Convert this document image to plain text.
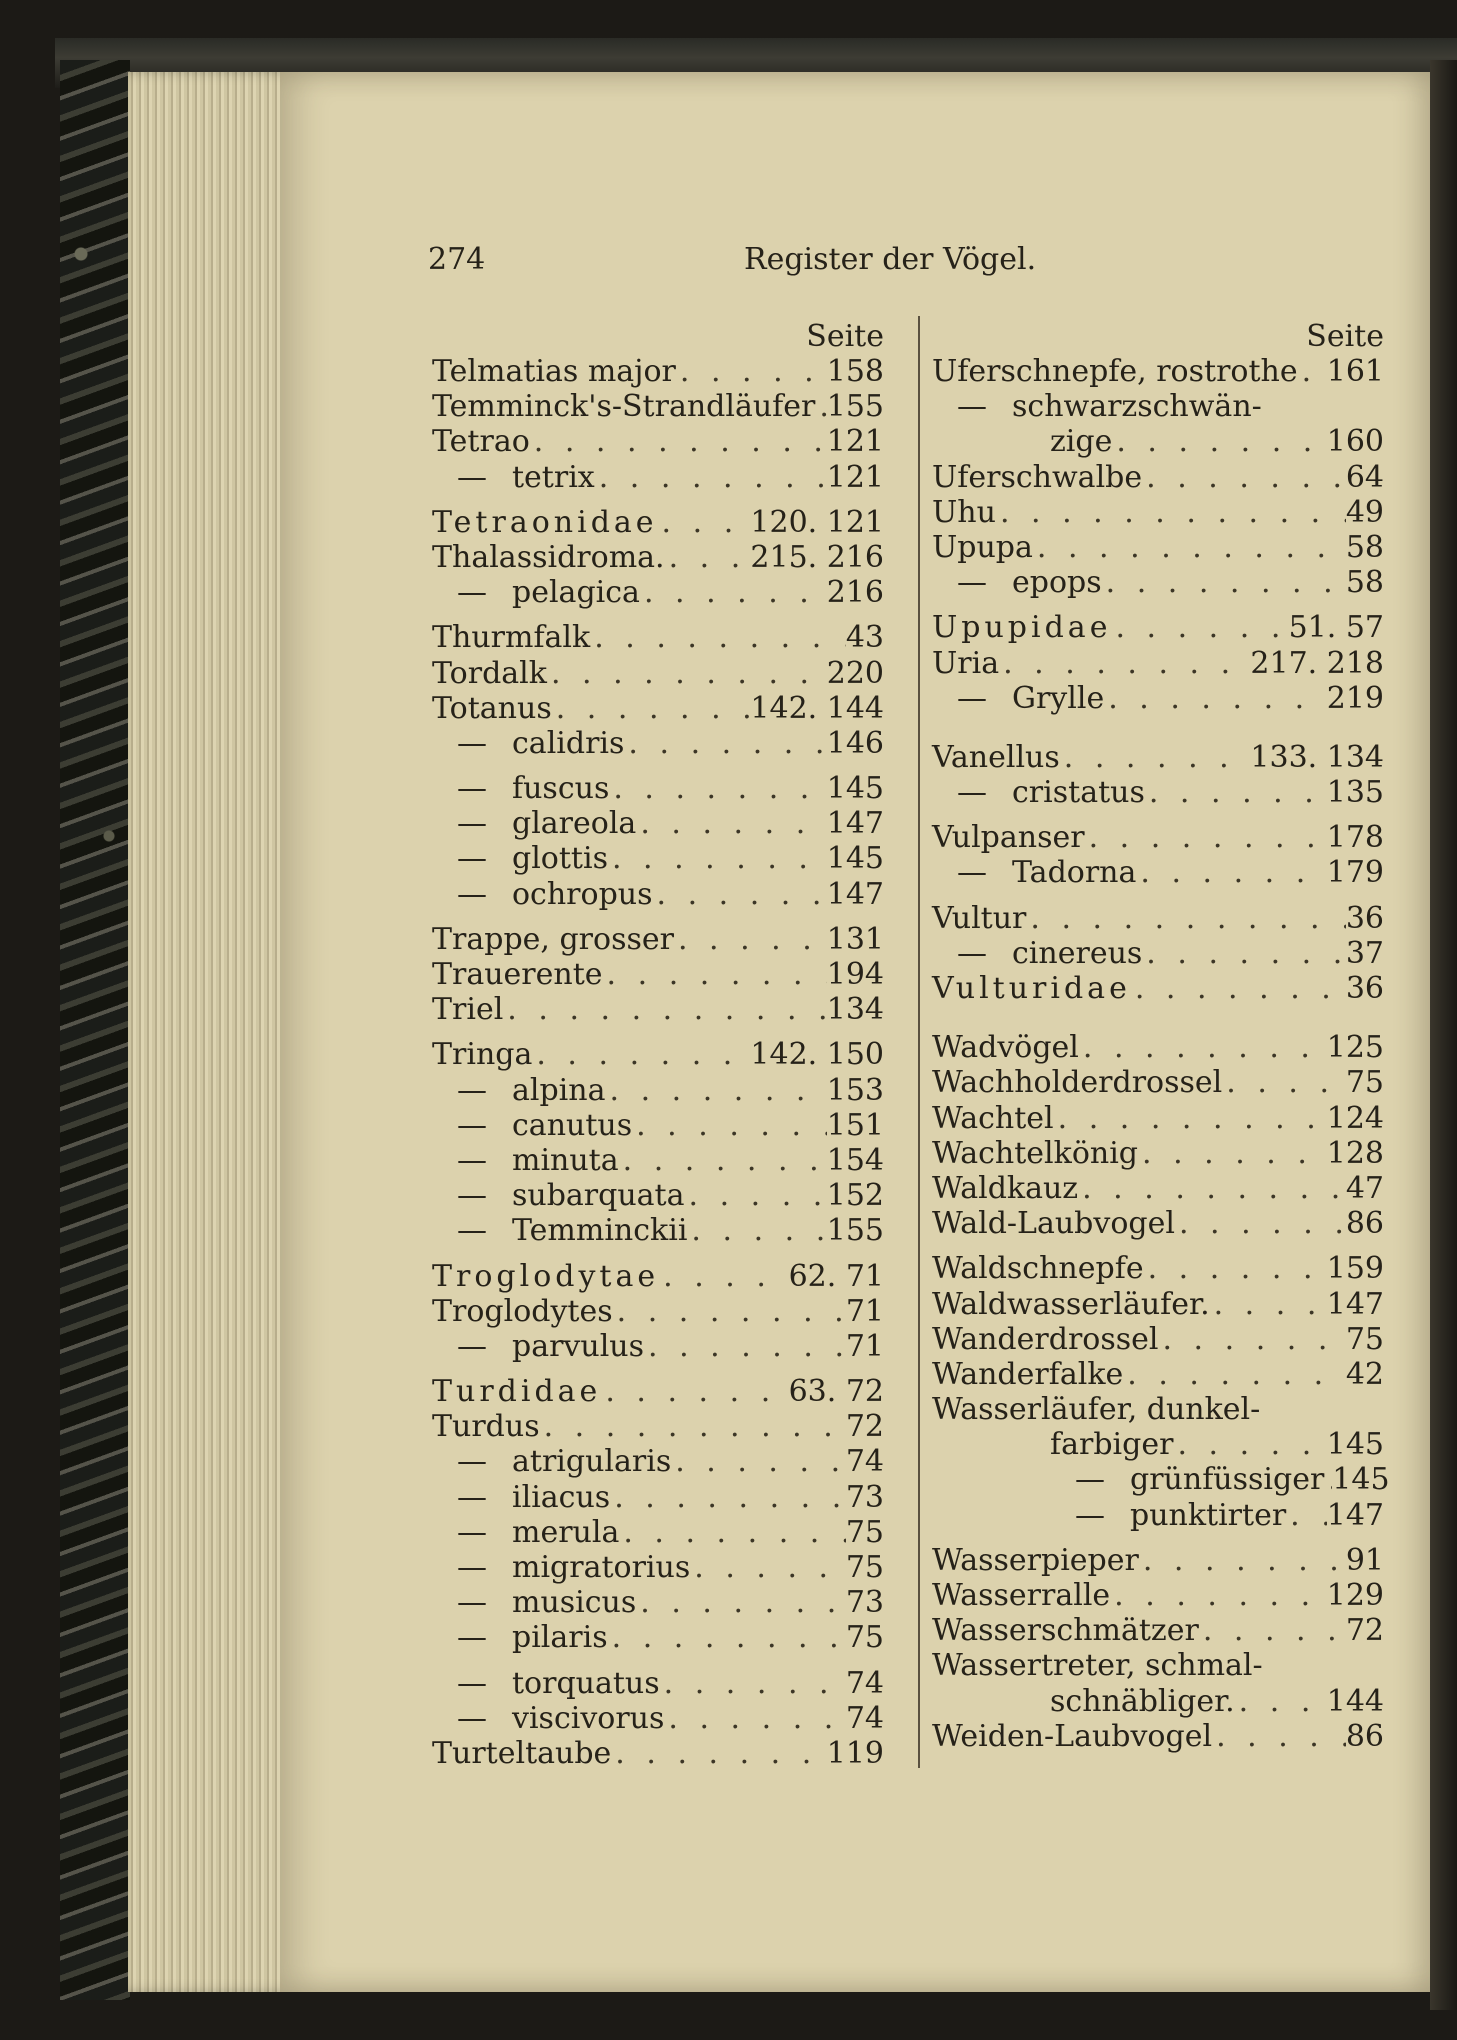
274	Register der Vögel.
Seite
Telmatias major . . .	158
Temminck's-Strandläufer . . . 155
Tetrao . . .	121
— tetrix . . .	121
Tetraonidae . . .	120. 121
Thalassidroma. . . .	215. 216
— pelagica . . .	216
Thurmfalk . . .	43
Tordalk . . .	220
Totanus . . .	142. 144
— calidris . . .	146
— fuscus . . .	145
— glareola . . .	147
— glottis . . .	145
— ochropus . . .	147
Trappe, grosser . . .	131
Trauerente . . .	194
Triel . . .	134
Tringa . . .	142. 150
— alpina . . .	153
— canutus . . .	151
— minuta . . .	154
— subarquata . . .	152
— Temminckii . . .	155
Troglodytae . . .	62. 71
Troglodytes . . .	71
— parvulus . . .	71
Turdidae . . .	63. 72
Turdus . . .	72
— atrigularis . . .	74
— iliacus . . .	73
— merula . . .	75
— migratorius . . .	75
— musicus . . .	73
— pilaris . . .	75
— torquatus . . .	74
— viscivorus . . .	74
Turteltaube . . .	119
Seite
Uferschnepfe, rostrothe . . . 161
— schwarzschwän-
zige . . .	160
Uferschwalbe . . .	64
Uhu . . .	49
Upupa . . .	58
— epops . . .	58
Upupidae . . .	51. 57
Uria . . .	217. 218
— Grylle . . .	219
Vanellus . . .	133. 134
— cristatus . . .	135
Vulpanser . . .	178
— Tadorna . . .	179
Vultur . . .	36
— cinereus . . .	37
Vulturidae . . .	36
Wadvögel . . .	125
Wachholderdrossel . . .	75
Wachtel . . .	124
Wachtelkönig . . .	128
Waldkauz . . .	47
Wald-Laubvogel . . .	86
Waldschnepfe . . .	159
Waldwasserläufer. . . .	147
Wanderdrossel . . .	75
Wanderfalke . . .	42
Wasserläufer, dunkel-
farbiger . . .	145
— grünfüssiger . . . 145
— punktirter . . . 147
Wasserpieper . . .	91
Wasserralle . . .	129
Wasserschmätzer . . .	72
Wassertreter, schmal-
schnäbliger. . . .	144
Weiden-Laubvogel . . .	86
